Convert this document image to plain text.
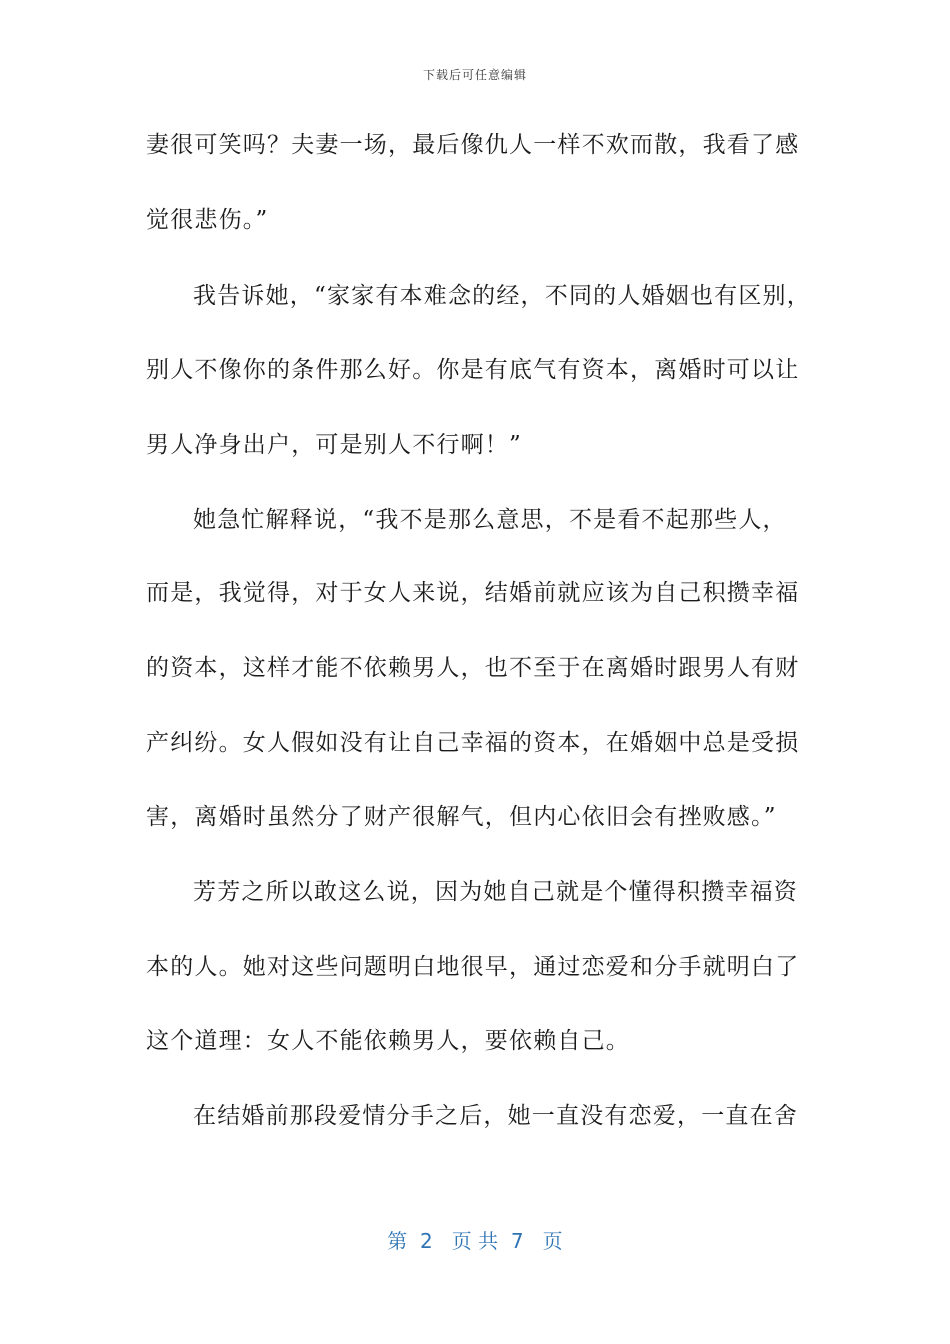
下载后可任意编辑
妻很可笑吗？夫妻一场，最后像仇人一样不欢而散，我看了感
觉很悲伤。”
我告诉她，“家家有本难念的经，不同的人婚姻也有区别，
别人不像你的条件那么好。你是有底气有资本，离婚时可以让
男人净身出户，可是别人不行啊！”
她急忙解释说，“我不是那么意思，不是看不起那些人，
而是，我觉得，对于女人来说，结婚前就应该为自己积攒幸福
的资本，这样才能不依赖男人，也不至于在离婚时跟男人有财
产纠纷。女人假如没有让自己幸福的资本，在婚姻中总是受损
害，离婚时虽然分了财产很解气，但内心依旧会有挫败感。”
芳芳之所以敢这么说，因为她自己就是个懂得积攒幸福资
本的人。她对这些问题明白地很早，通过恋爱和分手就明白了
这个道理：女人不能依赖男人，要依赖自己。
在结婚前那段爱情分手之后，她一直没有恋爱，一直在舍
第  2   页 共  7   页
